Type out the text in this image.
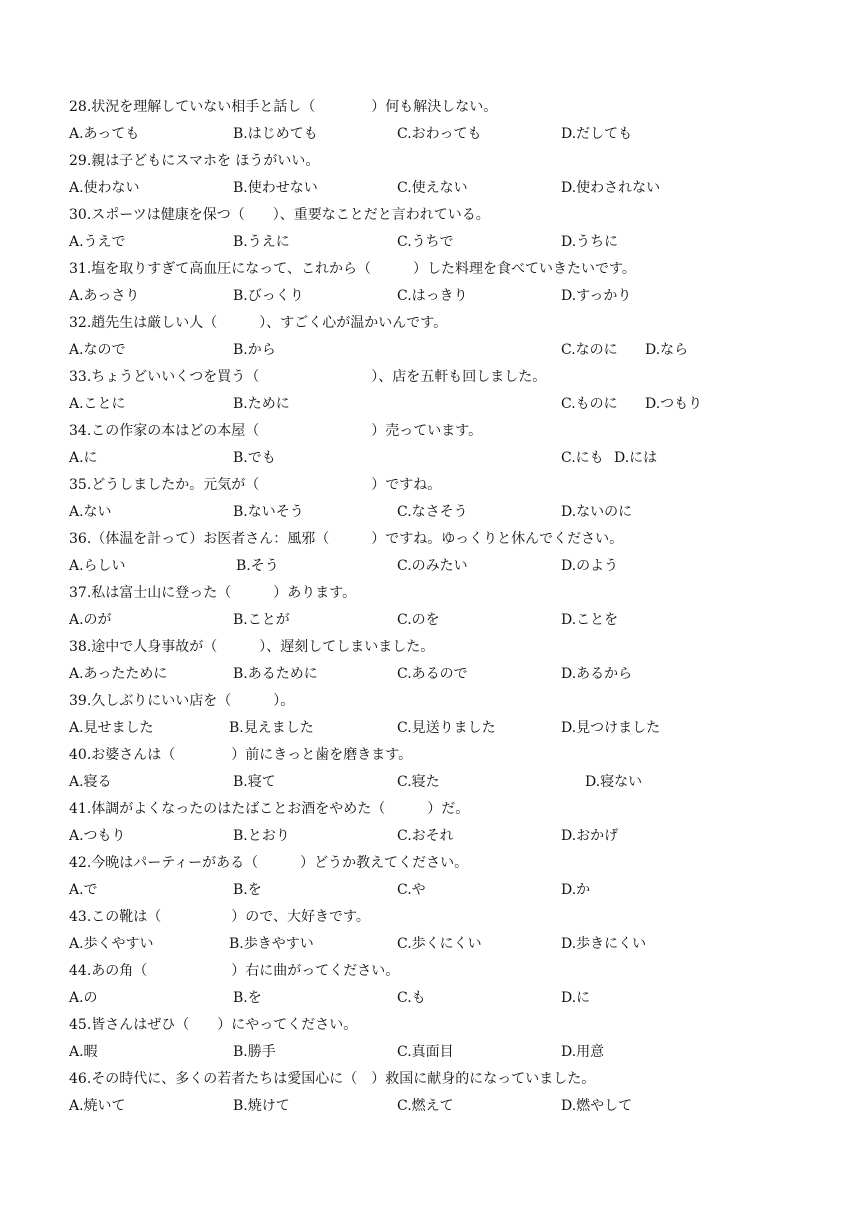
28.状況を理解していない相手と話し（　　　　）何も解決しない。
A.あっても	B.はじめても	C.おわっても	D.だしても
29.親は子どもにスマホを ほうがいい。
A.使わない	B.使わせない	C.使えない	D.使わされない
30.スポーツは健康を保つ（　　）、重要なことだと言われている。
A.うえで	B.うえに	C.うちで	D.うちに
31.塩を取りすぎて高血圧になって、これから（　　　）した料理を食べていきたいです。
A.あっさり	B.びっくり	C.はっきり	D.すっかり
32.趙先生は厳しい人（　　　）、すごく心が温かいんです。
A.なので	B.から	C.なのに D.なら
33.ちょうどいいくつを買う（　　　　　　　　）、店を五軒も回しました。
A.ことに	B.ために	C.ものに D.つもり
34.この作家の本はどの本屋（　　　　　　　　）売っています。
A.に	B.でも	C.にも D.には
35.どうしましたか。元気が（　　　　　　　　）ですね。
A.ない	B.ないそう	C.なさそう	D.ないのに
36.（体温を計って）お医者さん：風邪（　　　）ですね。ゆっくりと休んでください。
A.らしい	B.そう	C.のみたい	D.のよう
37.私は富士山に登った（　　　）あります。
A.のが	B.ことが	C.のを	D.ことを
38.途中で人身事故が（　　　）、遅刻してしまいました。
A.あったために	B.あるために	C.あるので	D.あるから
39.久しぶりにいい店を（　　　）。
A.見せました	B.見えました	C.見送りました	D.見つけました
40.お婆さんは（　　　　）前にきっと歯を磨きます。
A.寝る	B.寝て	C.寝た	D.寝ない
41.体調がよくなったのはたばことお酒をやめた（　　　）だ。
A.つもり	B.とおり	C.おそれ	D.おかげ
42.今晩はパーティーがある（　　　）どうか教えてください。
A.で	B.を	C.や	D.か
43.この靴は（　　　　　）ので、大好きです。
A.歩くやすい	B.歩きやすい	C.歩くにくい	D.歩きにくい
44.あの角（　　　　　　）右に曲がってください。
A.の	B.を	C.も	D.に
45.皆さんはぜひ（　　）にやってください。
A.暇	B.勝手	C.真面目	D.用意
46.その時代に、多くの若者たちは愛国心に（　）救国に献身的になっていました。
A.焼いて	B.焼けて	C.燃えて	D.燃やして
